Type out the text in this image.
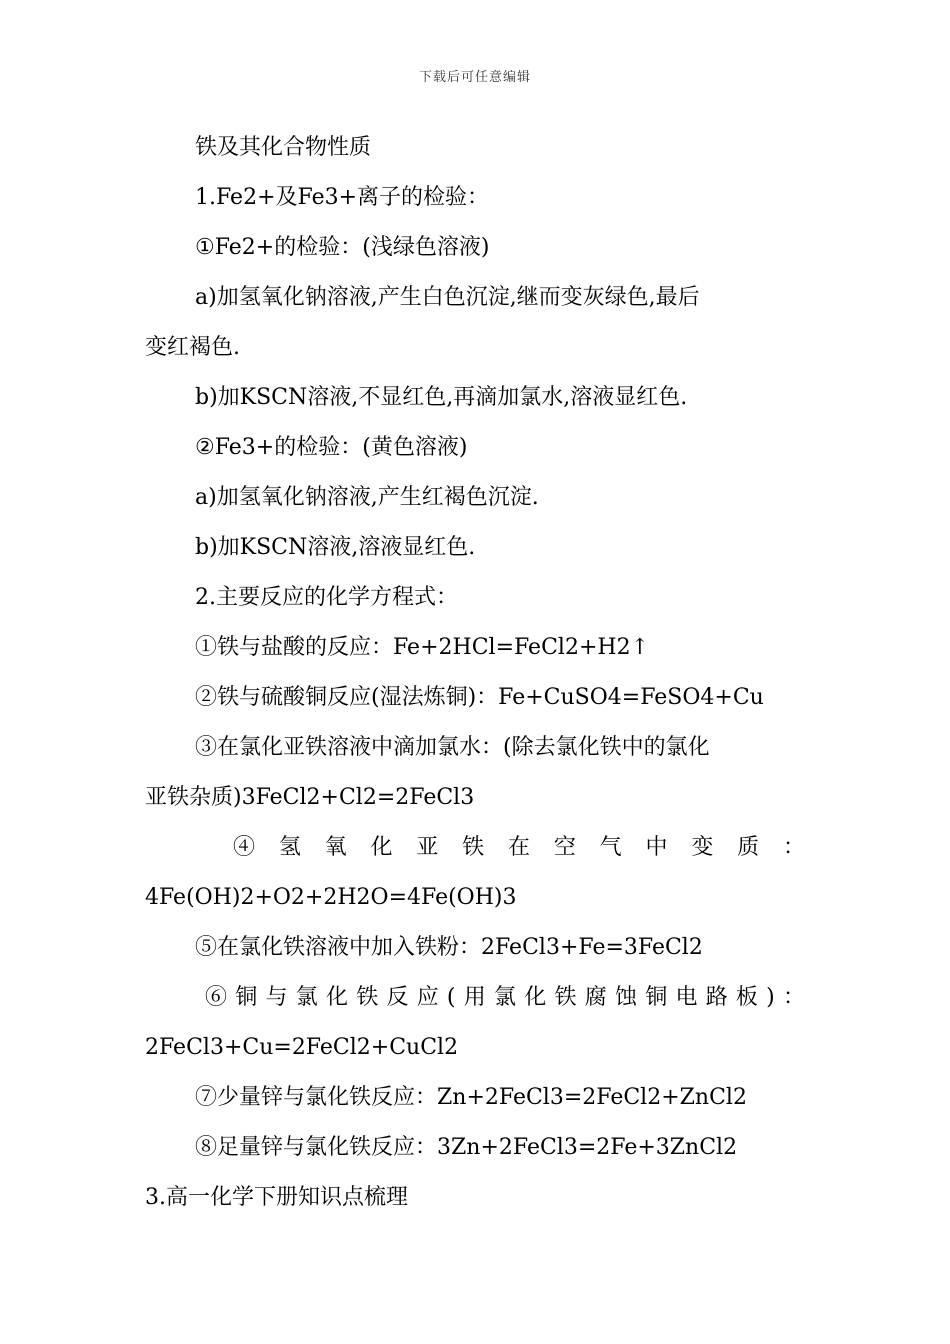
下载后可任意编辑
铁及其化合物性质
1.Fe2+及Fe3+离子的检验：
①Fe2+的检验：(浅绿色溶液)
a)加氢氧化钠溶液,产生白色沉淀,继而变灰绿色,最后
变红褐色.
b)加KSCN溶液,不显红色,再滴加氯水,溶液显红色.
②Fe3+的检验：(黄色溶液)
a)加氢氧化钠溶液,产生红褐色沉淀.
b)加KSCN溶液,溶液显红色.
2.主要反应的化学方程式：
①铁与盐酸的反应：Fe+2HCl=FeCl2+H2↑
②铁与硫酸铜反应(湿法炼铜)：Fe+CuSO4=FeSO4+Cu
③在氯化亚铁溶液中滴加氯水：(除去氯化铁中的氯化
亚铁杂质)3FeCl2+Cl2=2FeCl3
④氢氧化亚铁在空气中变质：
4Fe(OH)2+O2+2H2O=4Fe(OH)3
⑤在氯化铁溶液中加入铁粉：2FeCl3+Fe=3FeCl2
⑥铜与氯化铁反应(用氯化铁腐蚀铜电路板)：
2FeCl3+Cu=2FeCl2+CuCl2
⑦少量锌与氯化铁反应：Zn+2FeCl3=2FeCl2+ZnCl2
⑧足量锌与氯化铁反应：3Zn+2FeCl3=2Fe+3ZnCl2
3.高一化学下册知识点梳理
